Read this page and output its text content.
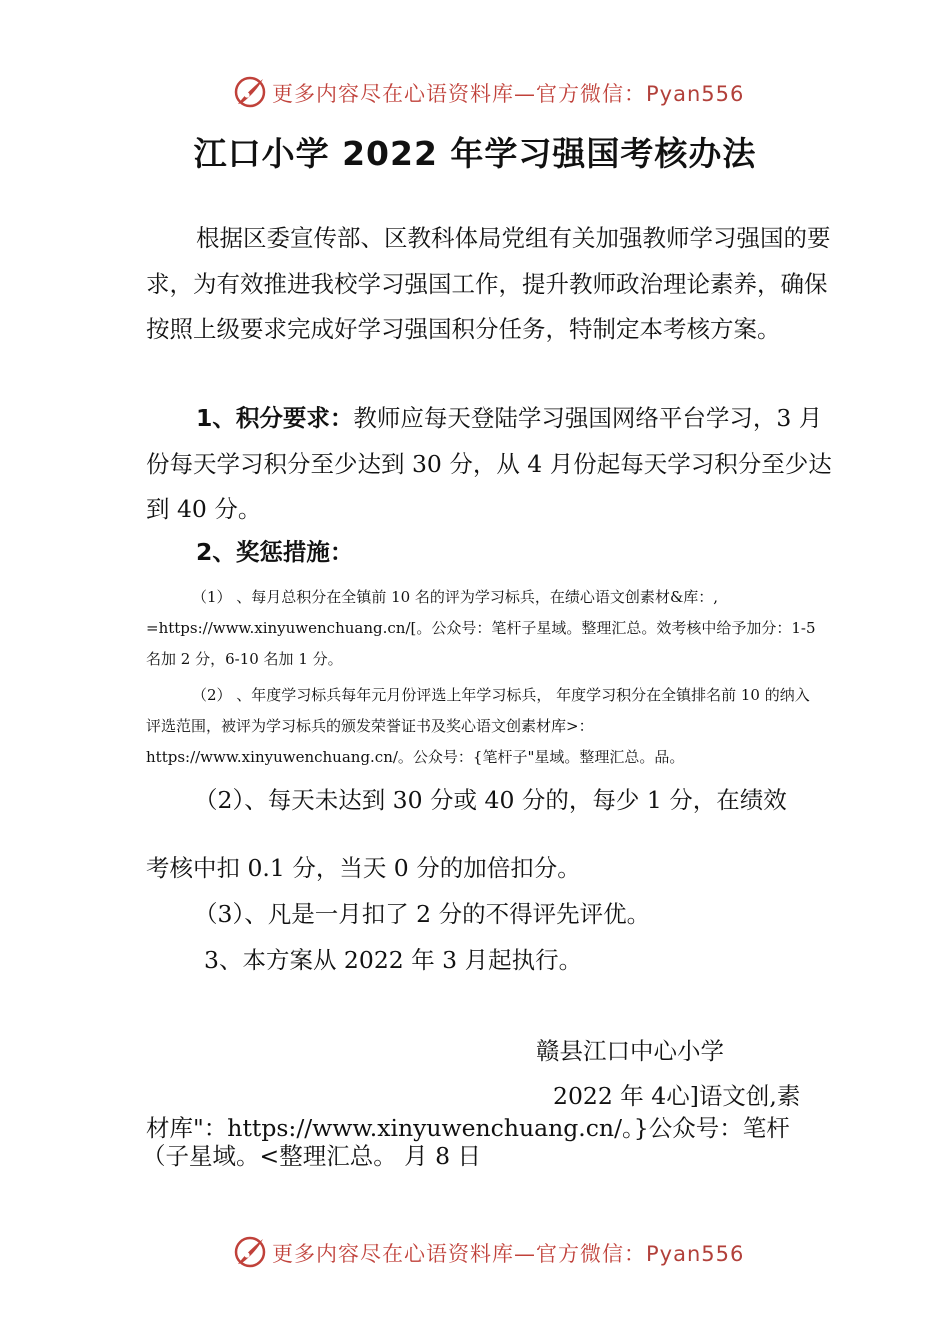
更多内容尽在心语资料库—官方微信：Pyan556
江口小学 2022 年学习强国考核办法

根据区委宣传部、区教科体局党组有关加强教师学习强国的要求，为有效推进我校学习强国工作，提升教师政治理论素养，确保按照上级要求完成好学习强国积分任务，特制定本考核方案。

1、积分要求：教师应每天登陆学习强国网络平台学习，3 月份每天学习积分至少达到 30 分，从 4 月份起每天学习积分至少达到 40 分。

2、奖惩措施：

（1） 、每月总积分在全镇前 10 名的评为学习标兵，在绩心语文创素材&库：, =https://www.xinyuwenchuang.cn/[。公众号：笔杆子星域。整理汇总。效考核中给予加分：1-5 名加 2 分，6-10 名加 1 分。

（2） 、年度学习标兵每年元月份评选上年学习标兵， 年度学习积分在全镇排名前 10 的纳入评选范围，被评为学习标兵的颁发荣誉证书及奖心语文创素材库>：https://www.xinyuwenchuang.cn/。公众号：{笔杆子"星域。整理汇总。品。

（2）、每天未达到 30 分或 40 分的，每少 1 分，在绩效

考核中扣 0.1 分，当天 0 分的加倍扣分。

（3）、凡是一月扣了 2 分的不得评先评优。

3、本方案从 2022 年 3 月起执行。

赣县江口中心小学
2022 年 4心]语文创,素
材库"：https://www.xinyuwenchuang.cn/。}公众号：笔杆
（子星域。<整理汇总。 月 8 日
更多内容尽在心语资料库—官方微信：Pyan556
